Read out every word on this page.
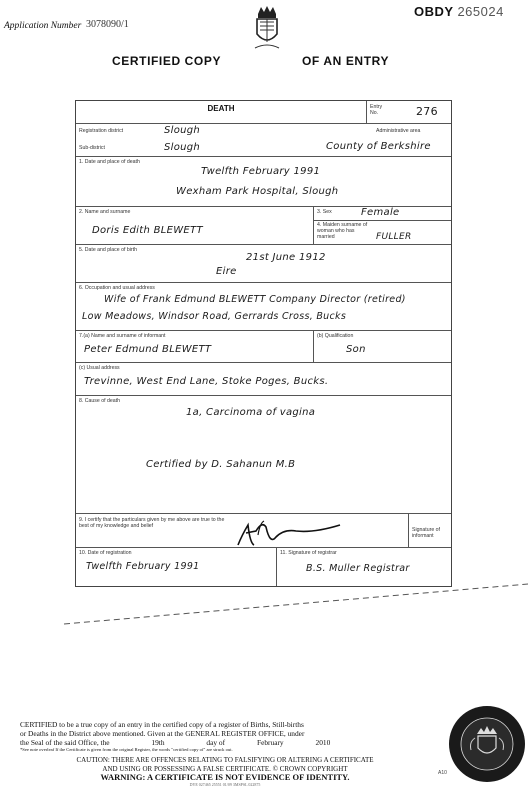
Application Number 3078090/1
OBDY 265024
CERTIFIED COPY	OF AN ENTRY
DEATH	Entry
No.	276
Registration district	Slough
Sub-district	Slough
Administrative area
County of Berkshire
1. Date and place of death
Twelfth February 1991
Wexham Park Hospital, Slough
2. Name and surname
Doris Edith BLEWETT
3. Sex	Female
4. Maiden surname of woman who has married	FULLER
5. Date and place of birth
21st June 1912
Eire
6. Occupation and usual address
Wife of Frank Edmund BLEWETT Company Director (retired)
Low Meadows, Windsor Road, Gerrards Cross, Bucks
7.(a) Name and surname of informant
Peter Edmund BLEWETT
(b) Qualification
Son
(c) Usual address
Trevinne, West End Lane, Stoke Poges, Bucks.
8. Cause of death
1a, Carcinoma of vagina
Certified by D. Sahanun M.B
9. I certify that the particulars given by me above are true to the best of my knowledge and belief
Signature of informant
10. Date of registration
Twelfth February 1991
11. Signature of registrar
B.S. Muller Registrar
CERTIFIED to be a true copy of an entry in the certified copy of a register of Births, Still-births
or Deaths in the District above mentioned. Given at the GENERAL REGISTER OFFICE, under
the Seal of the said Office, the	19th	day of	February	2010
*See note overleaf If the Certificate is given from the original Register, the words "certified copy of" are struck out.
CAUTION: THERE ARE OFFENCES RELATING TO FALSIFYING OR ALTERING A CERTIFICATE
AND USING OR POSSESSING A FALSE CERTIFICATE. © CROWN COPYRIGHT
WARNING: A CERTIFICATE IS NOT EVIDENCE OF IDENTITY.
DYE 027465 25551 01/09 3MSPSL 022875
A10
